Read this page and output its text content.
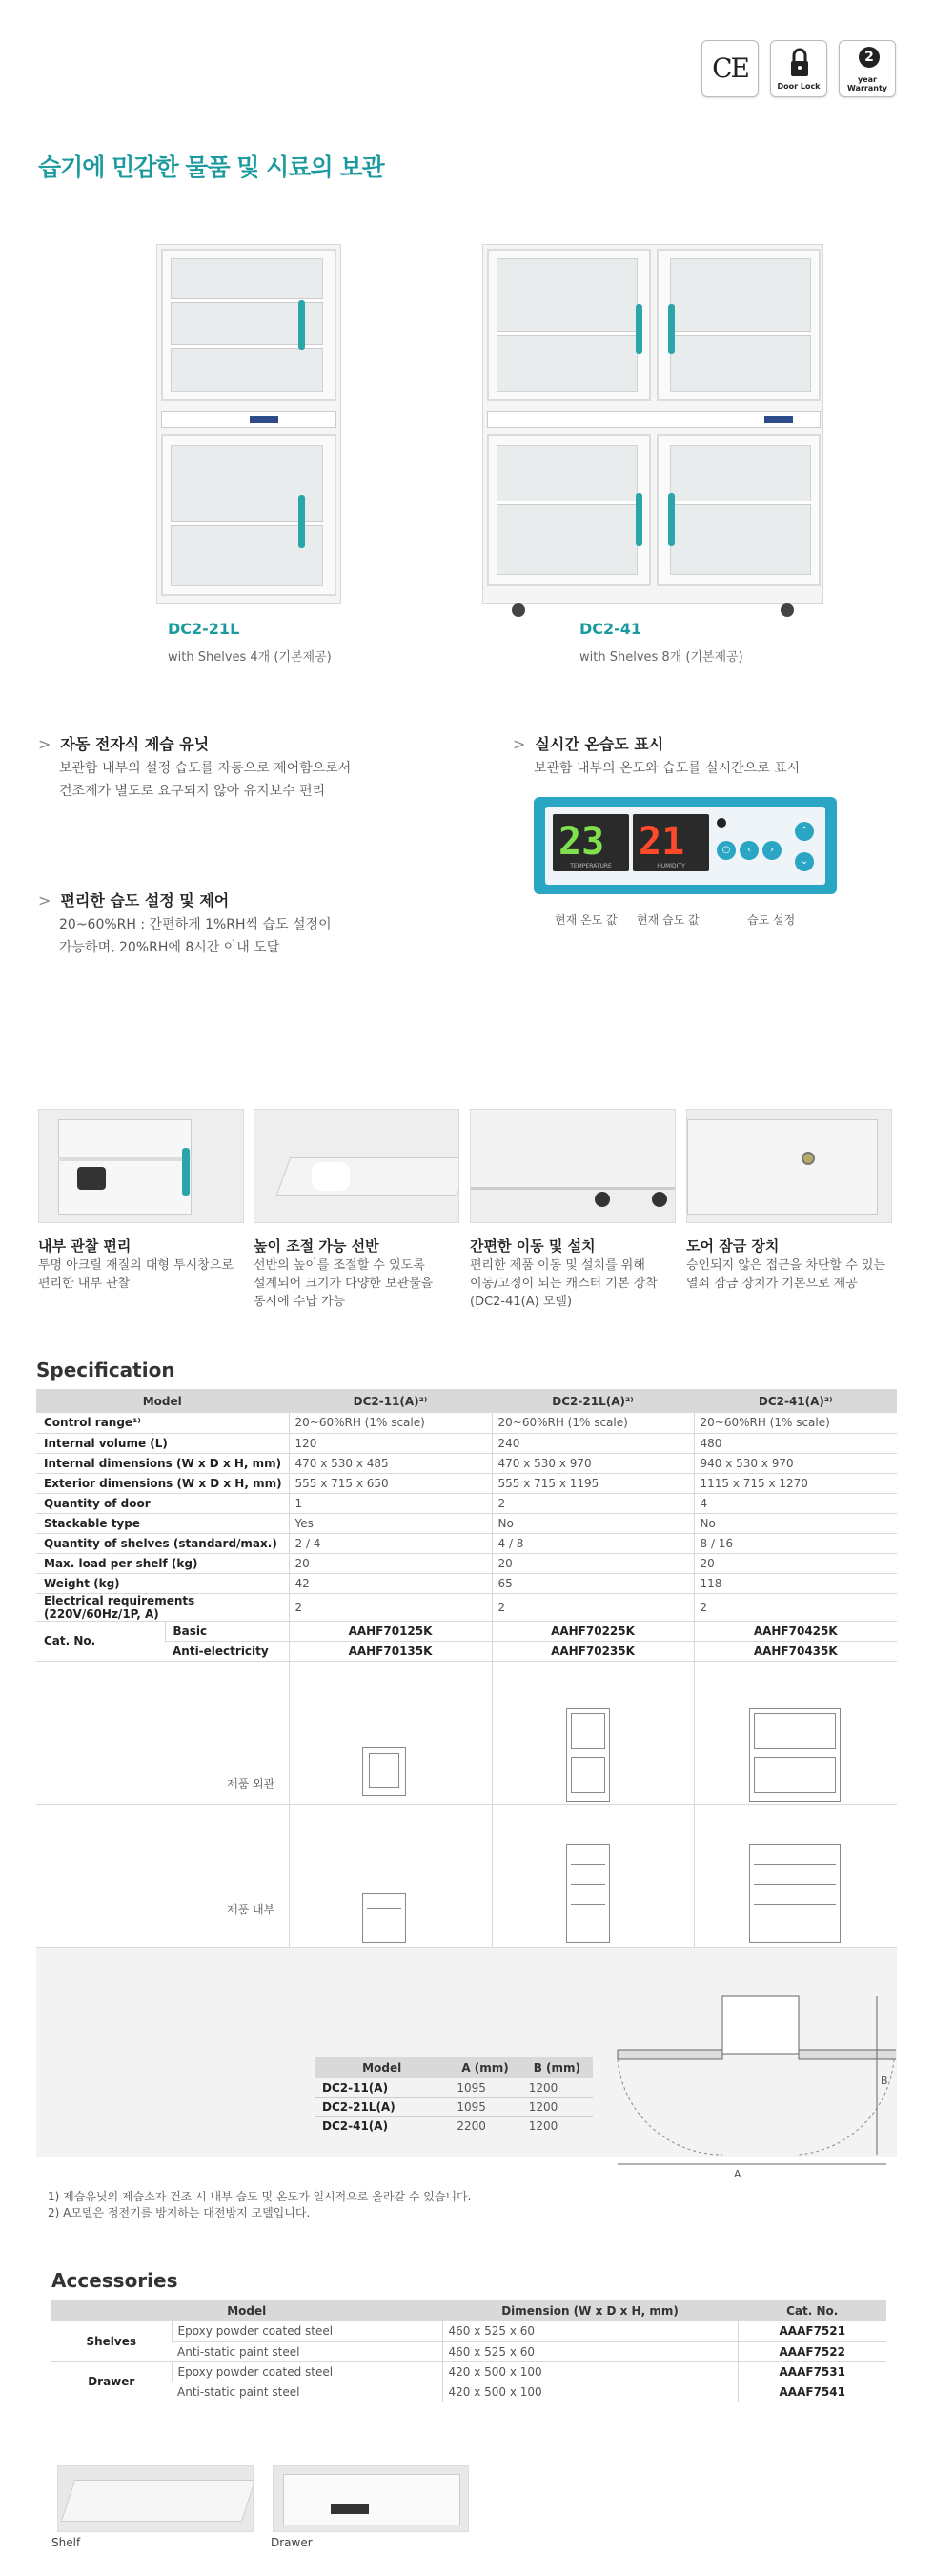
CE
Door Lock
2
year
Warranty
습기에 민감한 물품 및 시료의 보관
DC2-21L
with Shelves 4개 (기본제공)
DC2-41
with Shelves 8개 (기본제공)
> 자동 전자식 제습 유닛
보관함 내부의 설정 습도를 자동으로 제어함으로서
건조제가 별도로 요구되지 않아 유지보수 편리
> 편리한 습도 설정 및 제어
20~60%RH : 간편하게 1%RH씩 습도 설정이
가능하며, 20%RH에 8시간 이내 도달
> 실시간 온습도 표시
보관함 내부의 온도와 습도를 실시간으로 표시
23
TEMPERATURE
21
HUMIDITY
○	‹	›
⌃
⌄
현재 온도 값 현재 습도 값	습도 설정
내부 관찰 편리
투명 아크릴 재질의 대형 투시창으로
편리한 내부 관찰
높이 조절 가능 선반
선반의 높이를 조절할 수 있도록
설계되어 크기가 다양한 보관물을
동시에 수납 가능
간편한 이동 및 설치
편리한 제품 이동 및 설치를 위해
이동/고정이 되는 캐스터 기본 장착
(DC2-41(A) 모델)
도어 잠금 장치
승인되지 않은 접근을 차단할 수 있는
열쇠 잠금 장치가 기본으로 제공
Specification
Model		DC2-11(A)²⁾	DC2-21L(A)²⁾	DC2-41(A)²⁾
Control range¹⁾		20~60%RH (1% scale)	20~60%RH (1% scale)	20~60%RH (1% scale)
Internal volume (L)		120	240	480
Internal dimensions (W x D x H, mm)		470 x 530 x 485	470 x 530 x 970	940 x 530 x 970
Exterior dimensions (W x D x H, mm)		555 x 715 x 650	555 x 715 x 1195	1115 x 715 x 1270
Quantity of door		1	2	4
Stackable type		Yes	No	No
Quantity of shelves (standard/max.)		2 / 4	4 / 8	8 / 16
Max. load per shelf (kg)		20	20	20
Weight (kg)		42	65	118
Electrical requirements (220V/60Hz/1P, A)		2	2	2
Cat. No.	Basic	AAHF70125K	AAHF70225K	AAHF70425K
	Anti-electricity	AAHF70135K	AAHF70235K	AAHF70435K

제품 외관
제품 내부
Model	A (mm)	B (mm)
DC2-11(A)	1095	1200
DC2-21L(A)	1095	1200
DC2-41(A)	2200	1200
A
B
1) 제습유닛의 제습소자 건조 시 내부 습도 및 온도가 일시적으로 올라갈 수 있습니다.
2) A모델은 정전기를 방지하는 대전방지 모델입니다.
Accessories
Model		Dimension (W x D x H, mm)	Cat. No.
Shelves	Epoxy powder coated steel	460 x 525 x 60	AAAF7521
	Anti-static paint steel	460 x 525 x 60	AAAF7522
Drawer	Epoxy powder coated steel	420 x 500 x 100	AAAF7531
	Anti-static paint steel	420 x 500 x 100	AAAF7541
Shelf	Drawer
